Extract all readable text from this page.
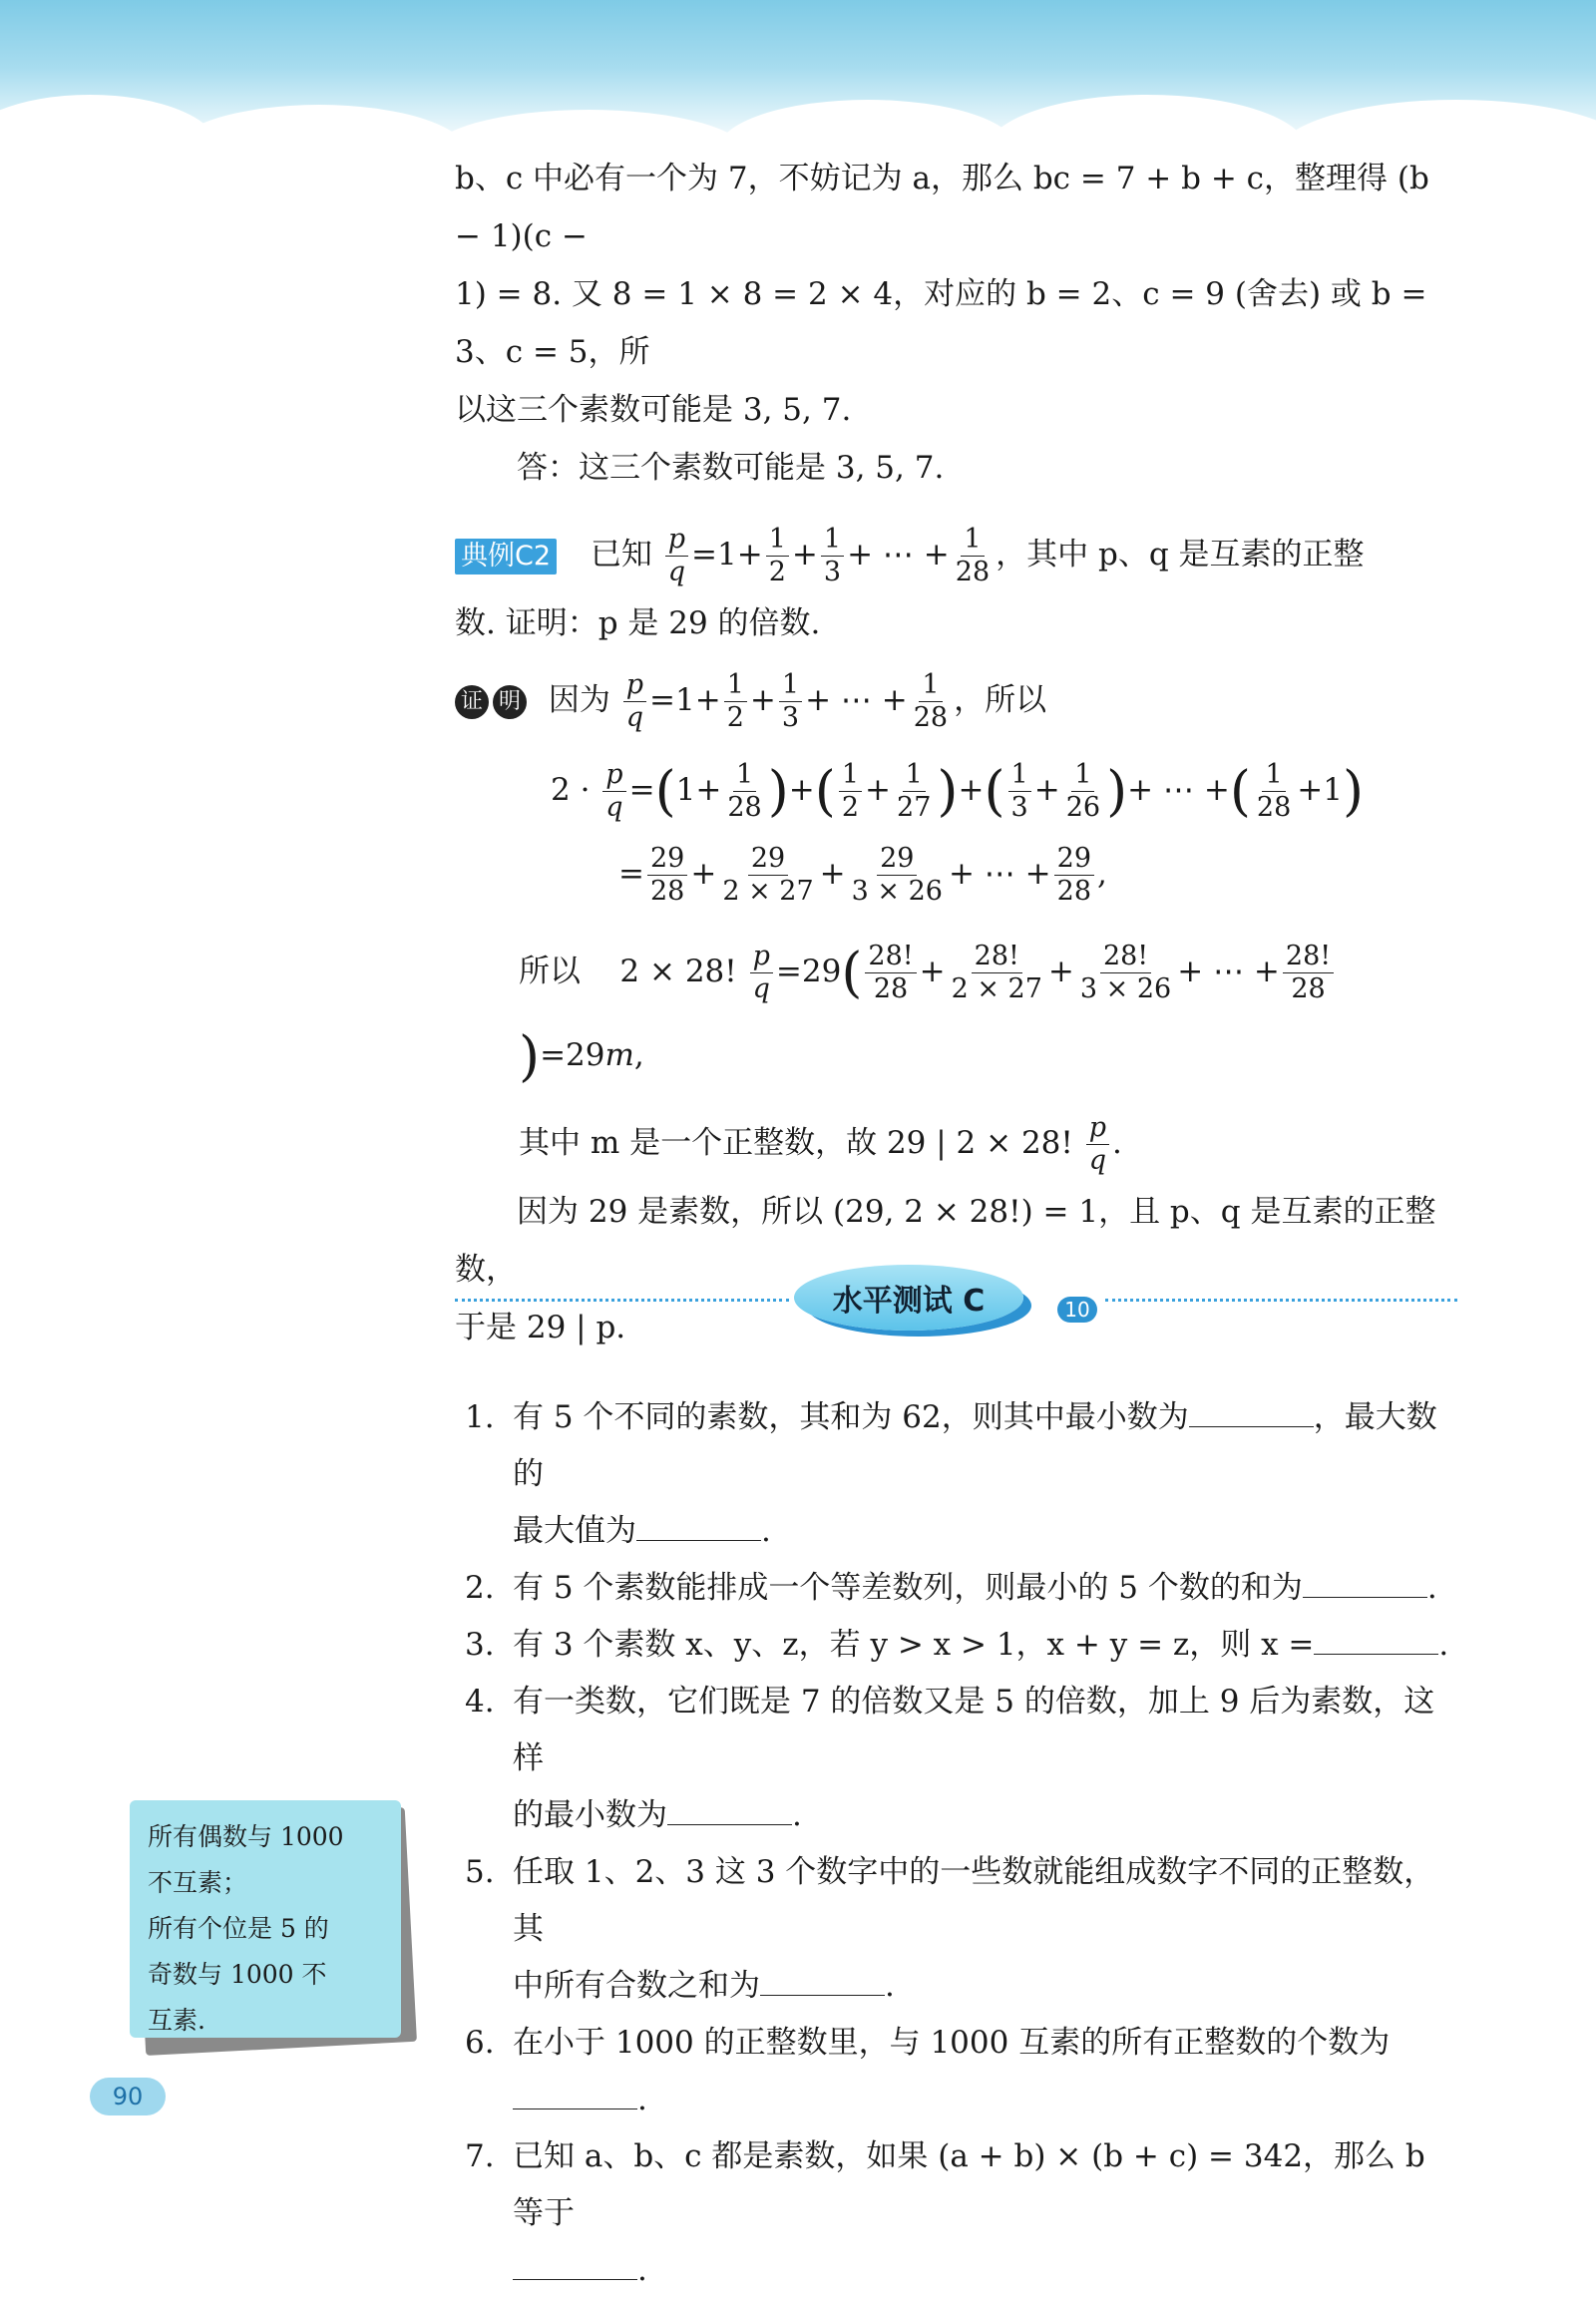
b、c 中必有一个为 7，不妨记为 a，那么 bc = 7 + b + c，整理得 (b − 1)(c −

1) = 8. 又 8 = 1 × 8 = 2 × 4，对应的 b = 2、c = 9 (舍去) 或 b = 3、c = 5，所

以这三个素数可能是 3, 5, 7.

答：这三个素数可能是 3, 5, 7.

典例C2 已知 $\frac{p}{q} =1+ \frac{1}{2} + \frac{1}{3}$ + ⋯ + $\frac{1}{28}$ ，其中 p、q 是互素的正整

数. 证明：p 是 29 的倍数.

证 明 因为 $\frac{p}{q} =1+ \frac{1}{2} + \frac{1}{3}$ + ⋯ + $\frac{1}{28}$ ，所以

$2 \cdot \frac{p}{q} =(1+ \frac{1}{28}$ )+( $\frac{1}{2} + \frac{1}{27}$ )+( $\frac{1}{3} + \frac{1}{26}$ )+ ⋯ +( $\frac{1}{28} +1$)
= $\frac{29}{28} + \frac{29}{2 \times 27} + \frac{29}{3 \times 26}$ + ⋯ + $\frac{29}{28}$ ,
所以    2 × 28! $\frac{p}{q} =29( \frac{28!}{28} + \frac{28!}{2 \times 27} + \frac{28!}{3 \times 26}$ + ⋯ + $\frac{28!}{28}$
)=29m,
其中 m 是一个正整数，故 29 | 2 × 28! $\frac{p}{q}$ .

因为 29 是素数，所以 (29, 2 × 28!) = 1，且 p、q 是互素的正整数，

于是 29 | p.

水平测试 C	10
1. 有 5 个不同的素数，其和为 62，则其中最小数为	，最大数的
最大值为	.
2. 有 5 个素数能排成一个等差数列，则最小的 5 个数的和为	.
3. 有 3 个素数 x、y、z，若 y > x > 1，x + y = z，则 x =	.
4. 有一类数，它们既是 7 的倍数又是 5 的倍数，加上 9 后为素数，这样
的最小数为	.
5. 任取 1、2、3 这 3 个数字中的一些数就能组成数字不同的正整数，其
中所有合数之和为	.
6. 在小于 1000 的正整数里，与 1000 互素的所有正整数的个数为
.
7. 已知 a、b、c 都是素数，如果 (a + b) × (b + c) = 342，那么 b 等于
.
所有偶数与 1000
不互素；
所有个位是 5 的
奇数与 1000 不
互素.
90
